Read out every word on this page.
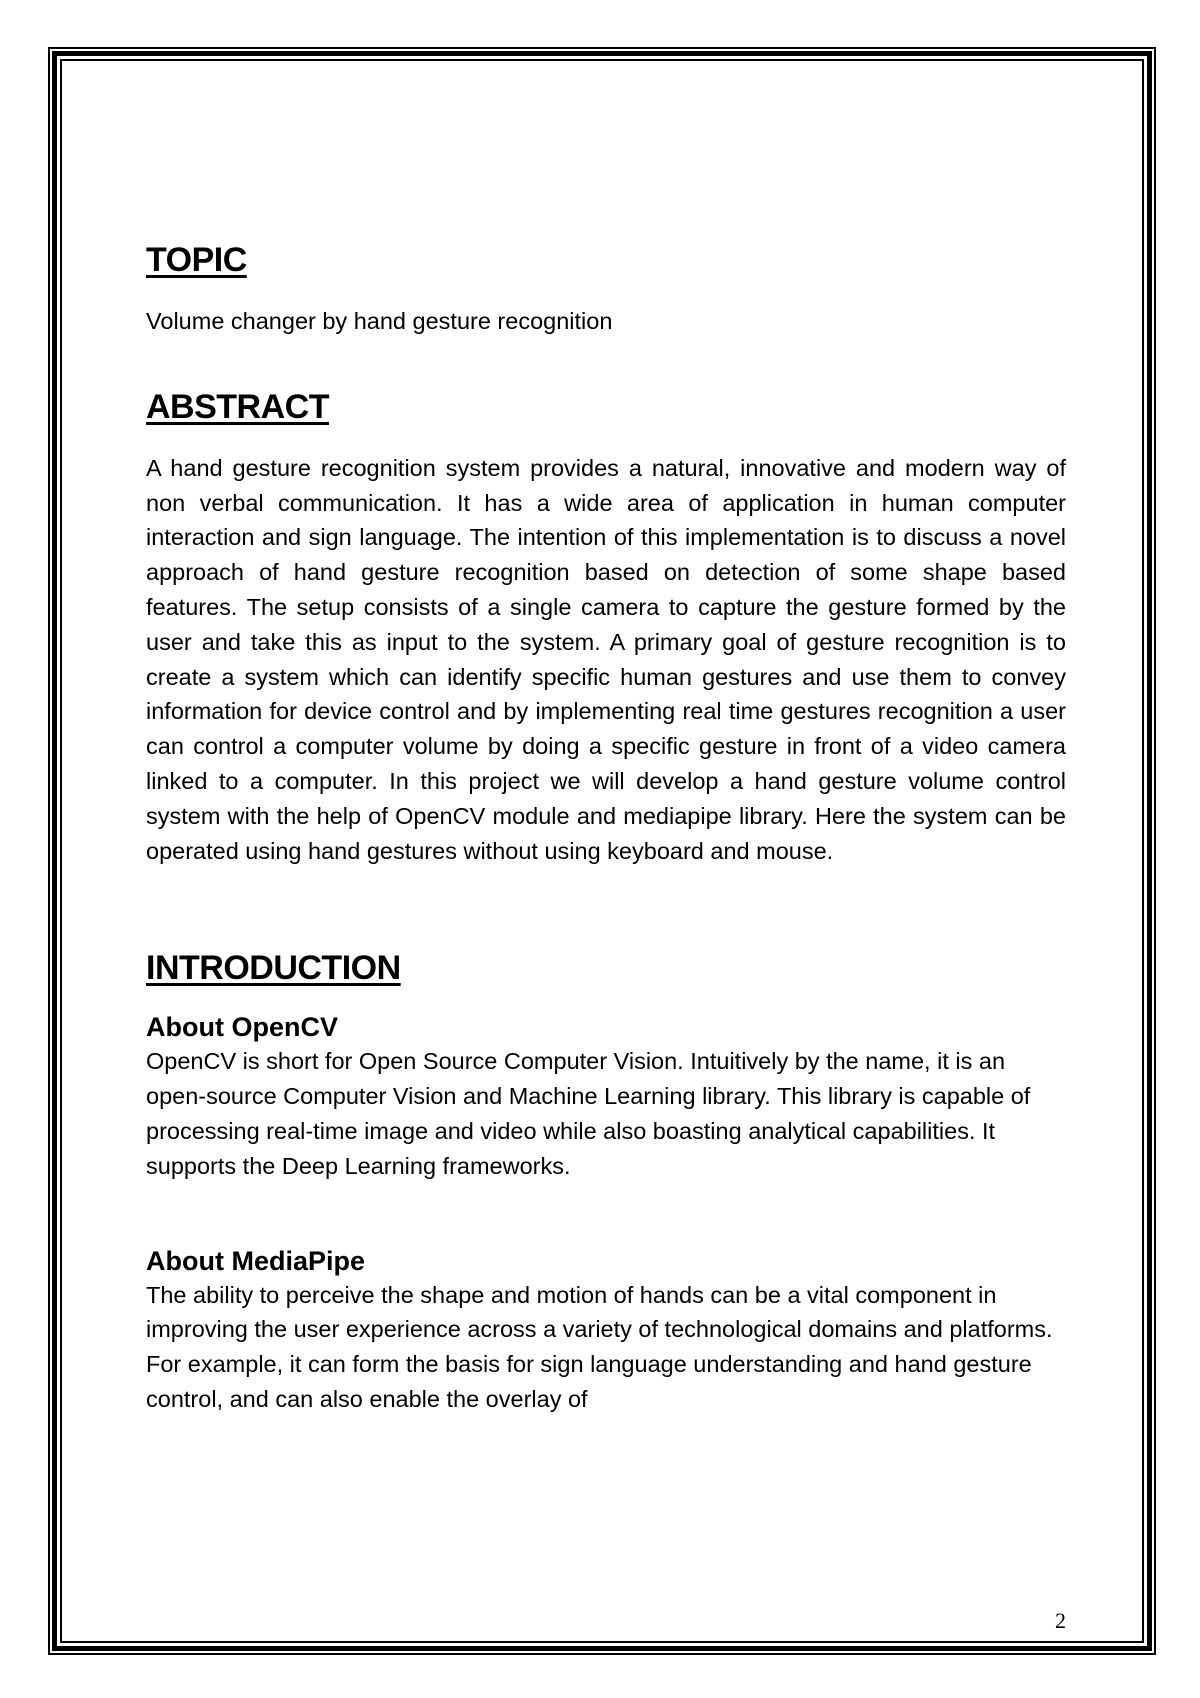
TOPIC

Volume changer by hand gesture recognition

ABSTRACT

A hand gesture recognition system provides a natural, innovative and modern way of non verbal communication. It has a wide area of application in human computer interaction and sign language. The intention of this implementation is to discuss a novel approach of hand gesture recognition based on detection of some shape based features. The setup consists of a single camera to capture the gesture formed by the user and take this as input to the system. A primary goal of gesture recognition is to create a system which can identify specific human gestures and use them to convey information for device control and by implementing real time gestures recognition a user can control a computer volume by doing a specific gesture in front of a video camera linked to a computer. In this project we will develop a hand gesture volume control system with the help of OpenCV module and mediapipe library. Here the system can be operated using hand gestures without using keyboard and mouse.

INTRODUCTION
About OpenCV

OpenCV is short for Open Source Computer Vision. Intuitively by the name, it is an open-source Computer Vision and Machine Learning library. This library is capable of processing real-time image and video while also boasting analytical capabilities. It supports the Deep Learning frameworks.

About MediaPipe

The ability to perceive the shape and motion of hands can be a vital component in improving the user experience across a variety of technological domains and platforms. For example, it can form the basis for sign language understanding and hand gesture control, and can also enable the overlay of

2
